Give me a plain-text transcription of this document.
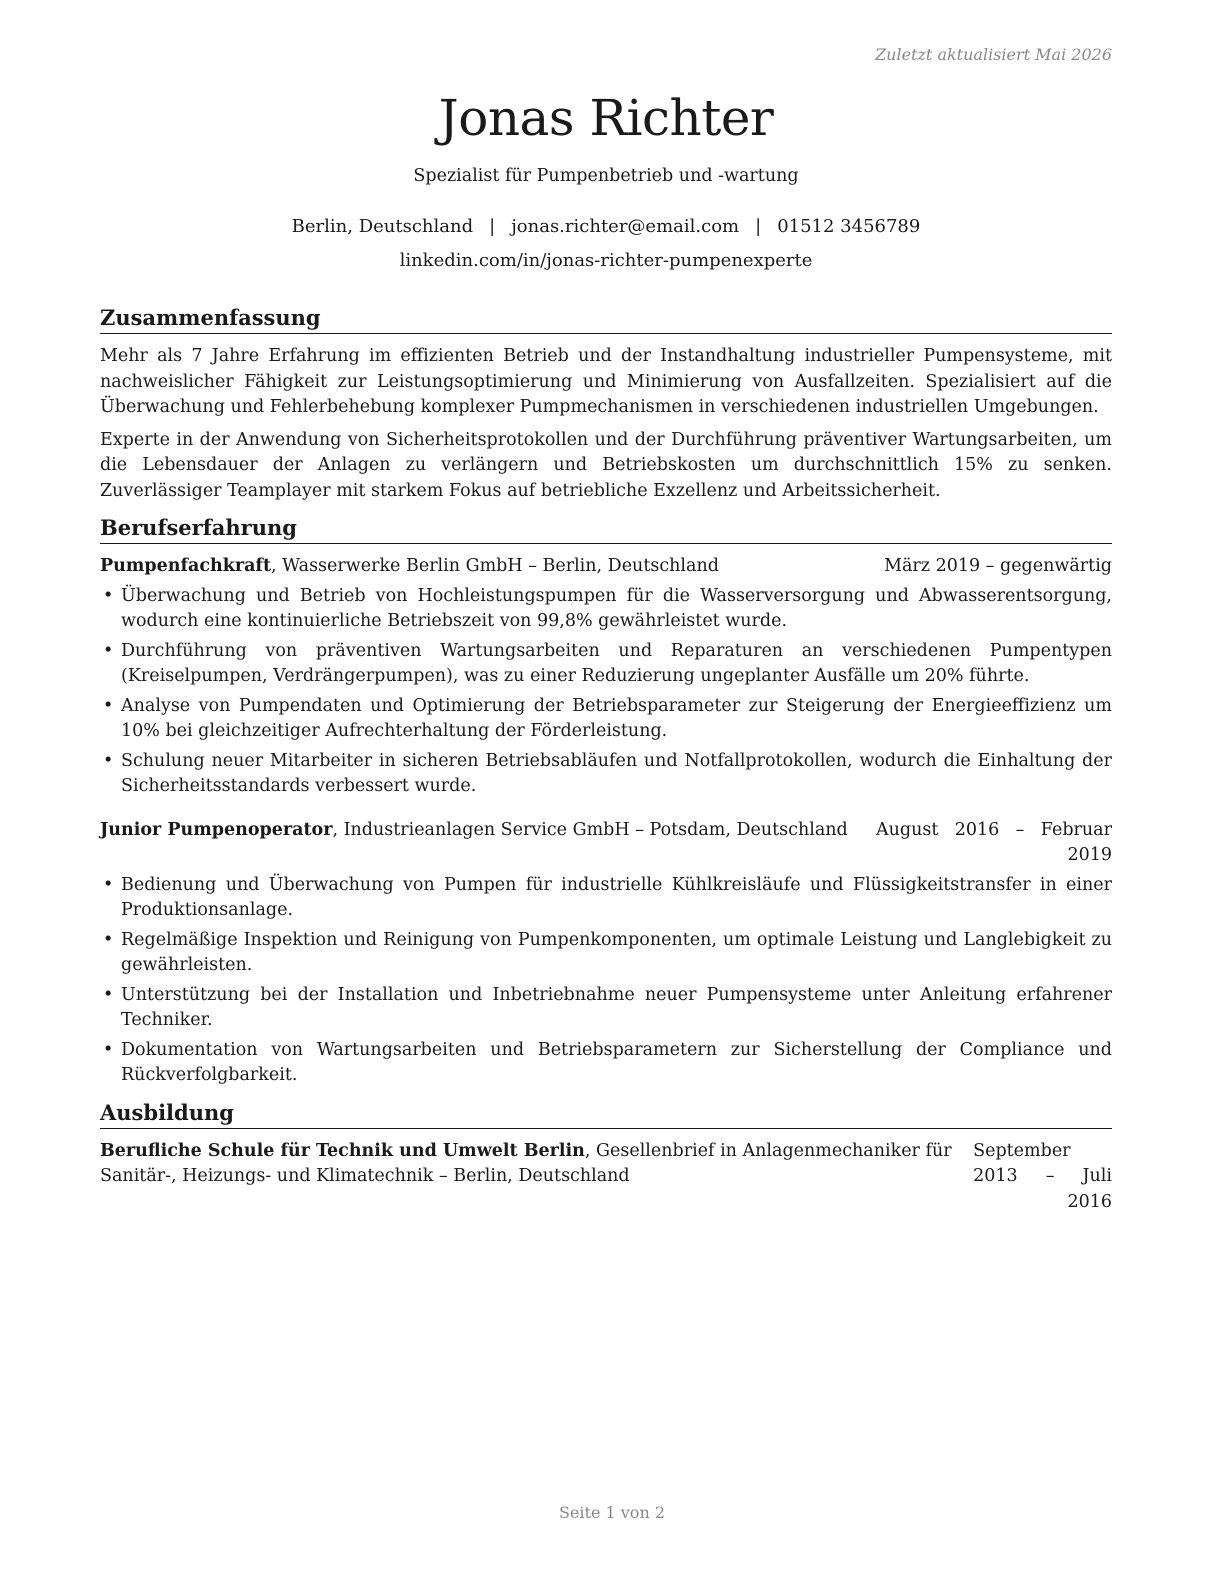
Zuletzt aktualisiert Mai 2026
Jonas Richter
Spezialist für Pumpenbetrieb und -wartung
Berlin, Deutschland | jonas.richter@email.com | 01512 3456789
linkedin.com/in/jonas-richter-pumpenexperte
Zusammenfassung

Mehr als 7 Jahre Erfahrung im effizienten Betrieb und der Instandhaltung industrieller Pumpensysteme, mit nachweislicher Fähigkeit zur Leistungsoptimierung und Minimierung von Ausfallzeiten. Spezialisiert auf die Überwachung und Fehlerbehebung komplexer Pumpmechanismen in verschiedenen industriellen Umgebungen.

Experte in der Anwendung von Sicherheitsprotokollen und der Durchführung präventiver Wartungsarbeiten, um die Lebensdauer der Anlagen zu verlängern und Betriebskosten um durchschnittlich 15% zu senken. Zuverlässiger Teamplayer mit starkem Fokus auf betriebliche Exzellenz und Arbeitssicherheit.

Berufserfahrung
Pumpenfachkraft, Wasserwerke Berlin GmbH – Berlin, Deutschland	März 2019 – gegenwärtig
• Überwachung und Betrieb von Hochleistungspumpen für die Wasserversorgung und Abwasserentsorgung, wodurch eine kontinuierliche Betriebszeit von 99,8% gewährleistet wurde.
• Durchführung von präventiven Wartungsarbeiten und Reparaturen an verschiedenen Pumpentypen (Kreiselpumpen, Verdrängerpumpen), was zu einer Reduzierung ungeplanter Ausfälle um 20% führte.
• Analyse von Pumpendaten und Optimierung der Betriebsparameter zur Steigerung der Energieeffizienz um 10% bei gleichzeitiger Aufrechterhaltung der Förderleistung.
• Schulung neuer Mitarbeiter in sicheren Betriebsabläufen und Notfallprotokollen, wodurch die Einhaltung der Sicherheitsstandards verbessert wurde.
Junior Pumpenoperator, Industrieanlagen Service GmbH – Potsdam, Deutschland August 2016 – Februar 2019
• Bedienung und Überwachung von Pumpen für industrielle Kühlkreisläufe und Flüssigkeitstransfer in einer Produktionsanlage.
• Regelmäßige Inspektion und Reinigung von Pumpenkomponenten, um optimale Leistung und Langlebigkeit zu gewährleisten.
• Unterstützung bei der Installation und Inbetriebnahme neuer Pumpensysteme unter Anleitung erfahrener Techniker.
• Dokumentation von Wartungsarbeiten und Betriebsparametern zur Sicherstellung der Compliance und Rückverfolgbarkeit.
Ausbildung
Berufliche Schule für Technik und Umwelt Berlin, Gesellenbrief in Anlagenmechaniker für Sanitär-, Heizungs- und Klimatechnik – Berlin, Deutschland
September 2013 – Juli 2016
Seite 1 von 2
